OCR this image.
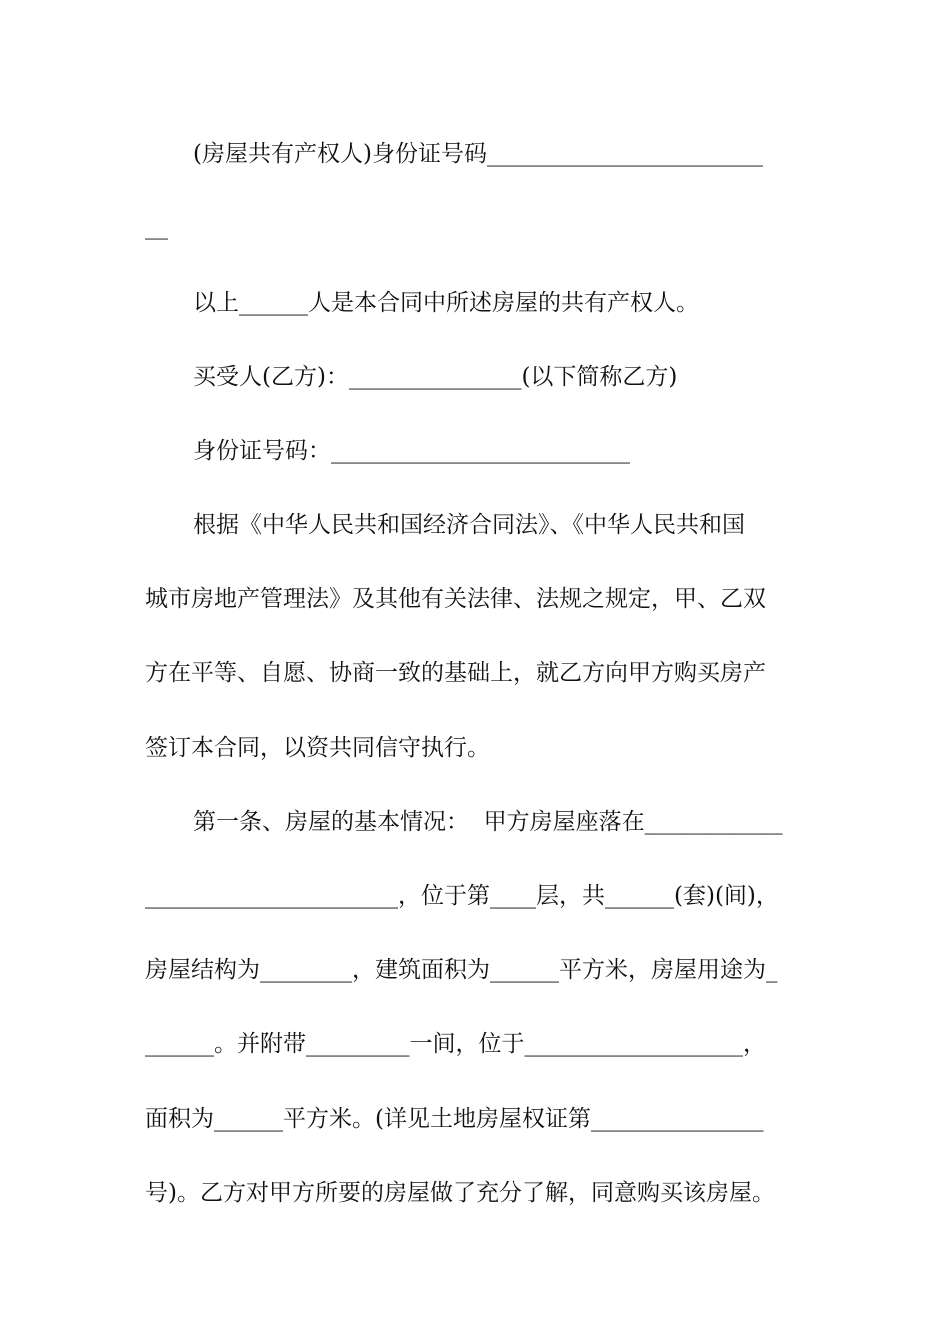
(房屋共有产权人)身份证号码________________________
__
以上______人是本合同中所述房屋的共有产权人。
买受人(乙方)：_______________(以下简称乙方)
身份证号码：__________________________
根据《中华人民共和国经济合同法》、《中华人民共和国
城市房地产管理法》及其他有关法律、法规之规定，甲、乙双
方在平等、自愿、协商一致的基础上，就乙方向甲方购买房产
签订本合同，以资共同信守执行。
第一条、房屋的基本情况：  甲方房屋座落在____________
______________________，位于第____层，共______(套)(间)，
房屋结构为________，建筑面积为______平方米，房屋用途为_
______。并附带_________一间，位于___________________，
面积为______平方米。(详见土地房屋权证第_______________
号)。乙方对甲方所要的房屋做了充分了解，同意购买该房屋。
